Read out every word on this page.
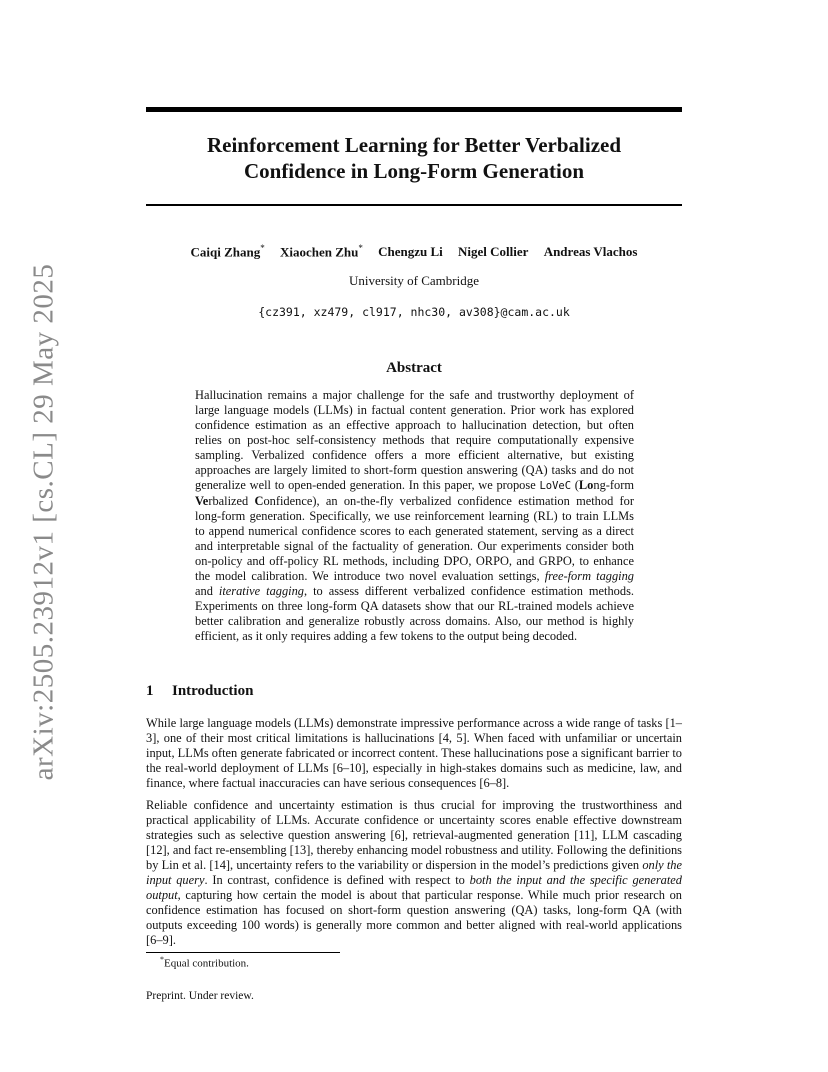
arXiv:2505.23912v1 [cs.CL] 29 May 2025
Reinforcement Learning for Better Verbalized
Confidence in Long-Form Generation

Caiqi Zhang* Xiaochen Zhu* Chengzu Li Nigel Collier Andreas Vlachos

University of Cambridge
{cz391, xz479, cl917, nhc30, av308}@cam.ac.uk
Abstract

Hallucination remains a major challenge for the safe and trustworthy deployment of large language models (LLMs) in factual content generation. Prior work has explored confidence estimation as an effective approach to hallucination detection, but often relies on post-hoc self-consistency methods that require computationally expensive sampling. Verbalized confidence offers a more efficient alternative, but existing approaches are largely limited to short-form question answering (QA) tasks and do not generalize well to open-ended generation. In this paper, we propose LoVeC (Long-form Verbalized Confidence), an on-the-fly verbalized confidence estimation method for long-form generation. Specifically, we use reinforcement learning (RL) to train LLMs to append numerical confidence scores to each generated statement, serving as a direct and interpretable signal of the factuality of generation. Our experiments consider both on-policy and off-policy RL methods, including DPO, ORPO, and GRPO, to enhance the model calibration. We introduce two novel evaluation settings, free-form tagging and iterative tagging, to assess different verbalized confidence estimation methods. Experiments on three long-form QA datasets show that our RL-trained models achieve better calibration and generalize robustly across domains. Also, our method is highly efficient, as it only requires adding a few tokens to the output being decoded.

1 Introduction

While large language models (LLMs) demonstrate impressive performance across a wide range of tasks [1–3], one of their most critical limitations is hallucinations [4, 5]. When faced with unfamiliar or uncertain input, LLMs often generate fabricated or incorrect content. These hallucinations pose a significant barrier to the real-world deployment of LLMs [6–10], especially in high-stakes domains such as medicine, law, and finance, where factual inaccuracies can have serious consequences [6–8].

Reliable confidence and uncertainty estimation is thus crucial for improving the trustworthiness and practical applicability of LLMs. Accurate confidence or uncertainty scores enable effective downstream strategies such as selective question answering [6], retrieval-augmented generation [11], LLM cascading [12], and fact re-ensembling [13], thereby enhancing model robustness and utility. Following the definitions by Lin et al. [14], uncertainty refers to the variability or dispersion in the model’s predictions given only the input query. In contrast, confidence is defined with respect to both the input and the specific generated output, capturing how certain the model is about that particular response. While much prior research on confidence estimation has focused on short-form question answering (QA) tasks, long-form QA (with outputs exceeding 100 words) is generally more common and better aligned with real-world applications [6–9].

*Equal contribution.
Preprint. Under review.
